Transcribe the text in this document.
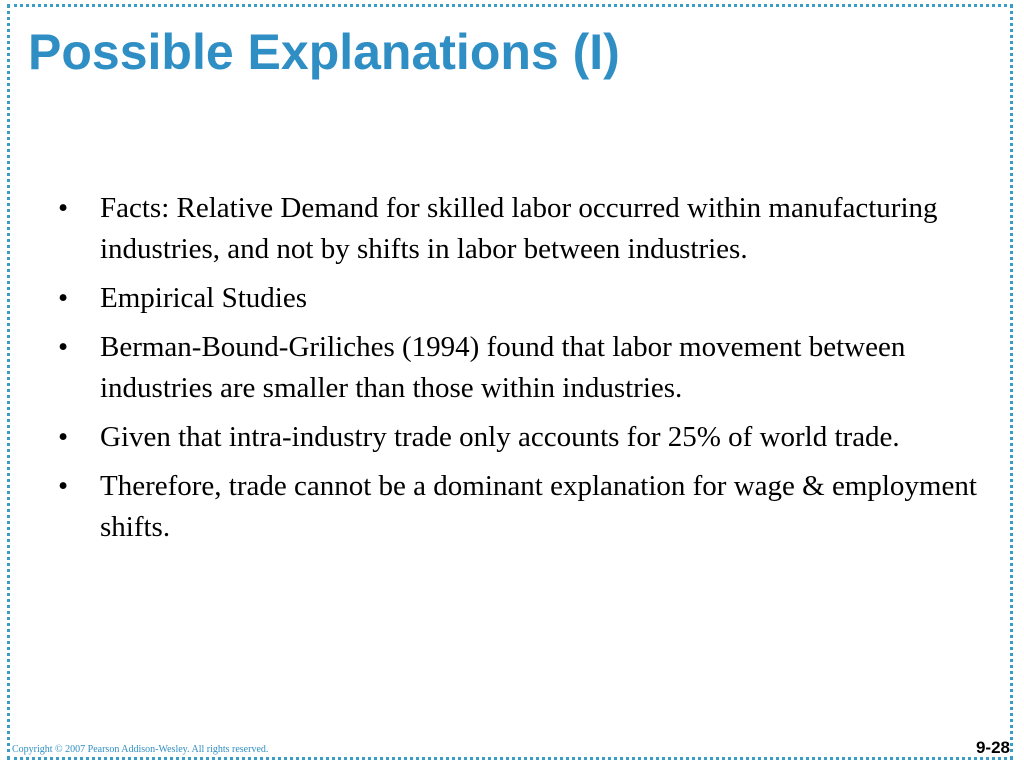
Possible Explanations (I)
•	Facts: Relative Demand for skilled labor occurred within manufacturing industries, and not by shifts in labor between industries.
•	Empirical Studies
•	Berman-Bound-Griliches (1994) found that labor movement between industries are smaller than those within industries.
•	Given that intra-industry trade only accounts for 25% of world trade.
•	Therefore, trade cannot be a dominant explanation for wage & employment shifts.
Copyright © 2007 Pearson Addison-Wesley. All rights reserved.	9-28
